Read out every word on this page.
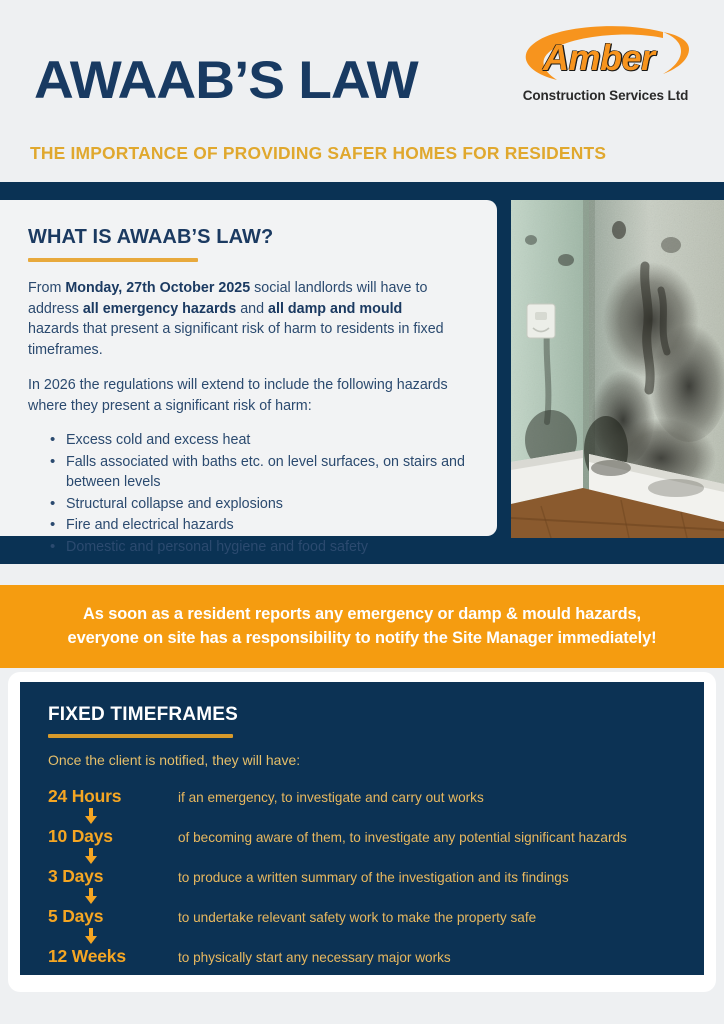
AWAAB’S LAW
THE IMPORTANCE OF PROVIDING SAFER HOMES FOR RESIDENTS
Amber
Construction Services Ltd
WHAT IS AWAAB’S LAW?

From Monday, 27th October 2025 social landlords will have to address all emergency hazards and all damp and mould hazards that present a significant risk of harm to residents in fixed timeframes.

In 2026 the regulations will extend to include the following hazards where they present a significant risk of harm:

• Excess cold and excess heat
• Falls associated with baths etc. on level surfaces, on stairs and between levels
• Structural collapse and explosions
• Fire and electrical hazards
• Domestic and personal hygiene and food safety
As soon as a resident reports any emergency or damp & mould hazards,
everyone on site has a responsibility to notify the Site Manager immediately!
FIXED TIMEFRAMES

Once the client is notified, they will have:

24 Hours	if an emergency, to investigate and carry out works
10 Days	of becoming aware of them, to investigate any potential significant hazards
3 Days	to produce a written summary of the investigation and its findings
5 Days	to undertake relevant safety work to make the property safe
12 Weeks	to physically start any necessary major works
